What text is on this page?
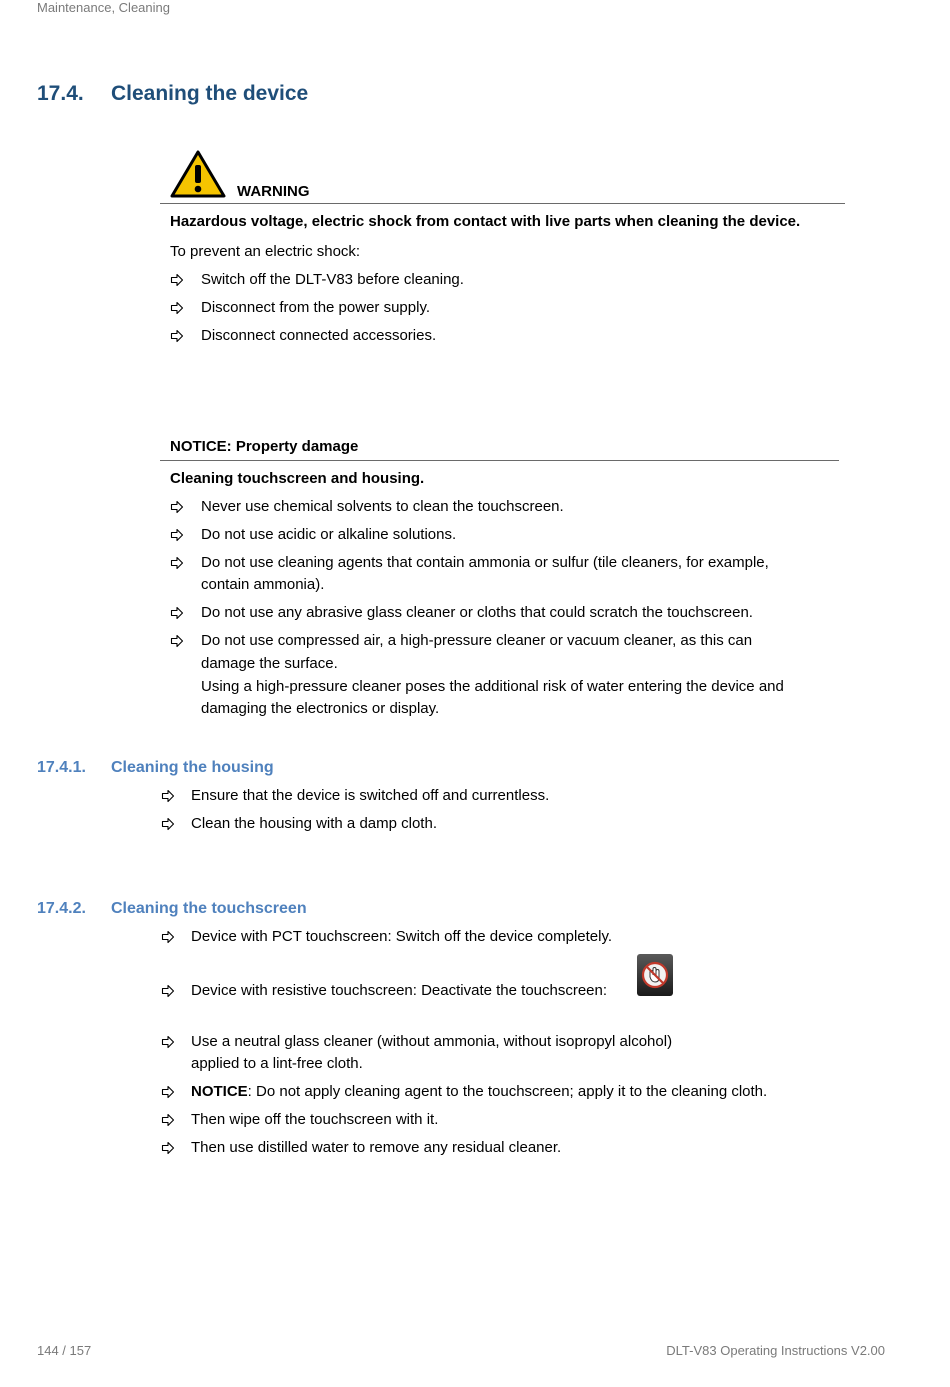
Maintenance, Cleaning
17.4. Cleaning the device
WARNING
Hazardous voltage, electric shock from contact with live parts when cleaning the device.
To prevent an electric shock:
Switch off the DLT-V83 before cleaning.
Disconnect from the power supply.
Disconnect connected accessories.
NOTICE: Property damage
Cleaning touchscreen and housing.
Never use chemical solvents to clean the touchscreen.
Do not use acidic or alkaline solutions.
Do not use cleaning agents that contain ammonia or sulfur (tile cleaners, for example,
contain ammonia).
Do not use any abrasive glass cleaner or cloths that could scratch the touchscreen.
Do not use compressed air, a high-pressure cleaner or vacuum cleaner, as this can
damage the surface.
Using a high-pressure cleaner poses the additional risk of water entering the device and
damaging the electronics or display.
17.4.1. Cleaning the housing
Ensure that the device is switched off and currentless.
Clean the housing with a damp cloth.
17.4.2. Cleaning the touchscreen
Device with PCT touchscreen: Switch off the device completely.
Device with resistive touchscreen: Deactivate the touchscreen:
Use a neutral glass cleaner (without ammonia, without isopropyl alcohol)
applied to a lint-free cloth.
NOTICE: Do not apply cleaning agent to the touchscreen; apply it to the cleaning cloth.
Then wipe off the touchscreen with it.
Then use distilled water to remove any residual cleaner.
144 / 157	DLT-V83 Operating Instructions V2.00
